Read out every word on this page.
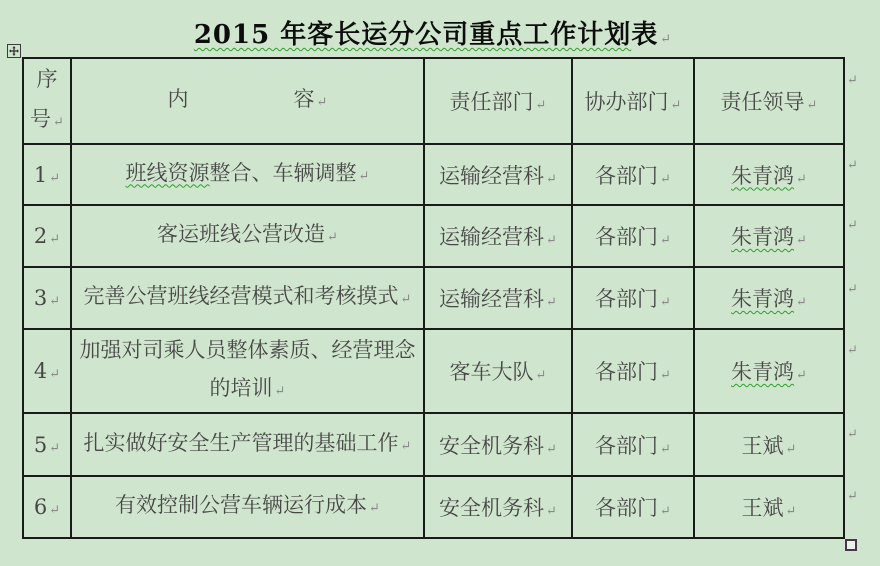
2015 年客长运分公司重点工作计划表 ↵
序
号 ↵	内　　　　　容 ↵	责任部门 ↵	协办部门 ↵	责任领导 ↵
1 ↵	班线资源整合、车辆调整 ↵	运输经营科 ↵	各部门 ↵	朱青鸿 ↵
2 ↵	客运班线公营改造 ↵	运输经营科 ↵	各部门 ↵	朱青鸿 ↵
3 ↵	完善公营班线经营模式和考核摸式 ↵	运输经营科 ↵	各部门 ↵	朱青鸿 ↵
4 ↵	加强对司乘人员整体素质、经营理念的培训 ↵	客车大队 ↵	各部门 ↵	朱青鸿 ↵
5 ↵	扎实做好安全生产管理的基础工作 ↵	安全机务科 ↵	各部门 ↵	王斌 ↵
6 ↵	有效控制公营车辆运行成本 ↵	安全机务科 ↵	各部门 ↵	王斌 ↵
↵
↵
↵
↵
↵
↵
↵
